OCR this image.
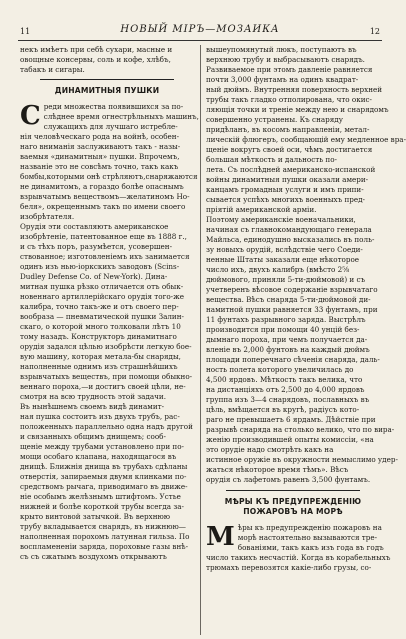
11	НОВЫЙ МІРЪ—МОЗАИКА	12
некъ имѣетъ при себѣ сухари, масные и
овощные консервы, соль и кофе, хлѣбъ,
табакъ и сигары.
ДИНАМИТНЫЯ ПУШКИ
С реди множества появившихся за по-
слѣднее время огнестрѣльныхъ машинъ,
служащихъ для лучшаго истребле-
нія человѣческаго рода на войнѣ, особен-
наго вниманія заслуживаютъ такъ - назы-
ваемыя «динамитныя» пушки. Впрочемъ,
названіе это не совсѣмъ точно, такъ какъ
бомбы,которыми онѣ стрѣляютъ,снаряжаются
не динамитомъ, а гораздо болѣе опаснымъ
взрывчатымъ веществомъ—желатиномъ Но-
беля», окрещеннымъ такъ по имени своего
изобрѣтателя.
Орудія эти составляютъ американское
изобрѣтеніе, патентованное еще въ 1888 г.,
и съ тѣхъ поръ, разумѣется, усовершен-
ствованное; изготовленіемъ ихъ занимается
одинъ изъ нью-іоркскихъ заводовъ (Scins-
Dudley Defense Co. of New-York). Дина-
митная пушка рѣзко отличается отъ обык-
новеннаго артиллерійскаго орудія того-же
калибра, точно такъ-же и отъ своего пер-
вообраза — пневматической пушки Залин-
скаго, о которой много толковали лѣтъ 10
тому назадъ. Конструкторъ динамитнаго
орудія задался цѣлью изобрѣсти легкую бое-
вую машину, которая метала-бы снаряды,
наполненные однимъ изъ страшнѣйшихъ
взрывчатыхъ веществъ, при помощи обыкно-
веннаго пороха,—и достигъ своей цѣли, не-
смотря на всю трудность этой задачи.
Въ нынѣшнемъ своемъ видѣ динамит-
ная пушка состоитъ изъ двухъ трубъ, рас-
положенныхъ параллельно одна надъ другой
и связанныхъ общимъ днищемъ; сооб-
щеніе между трубами установлено при по-
мощи особаго клапана, находящагося въ
днищѣ. Ближнія днища въ трубахъ сдѣланы
отверстія, запираемыя двумя клинками по-
средствомъ рычага, приводимаго въ движе-
ніе особымъ желѣзнымъ штифтомъ. Устье
нижней и болѣе короткой трубы всегда за-
крыто винтовой затычкой. Въ верхнюю
трубу вкладывается снарядъ, въ нижнюю—
наполненная порохомъ латунная гильза. По
воспламененіи заряда, пороховые газы внѣ-
съ съ сжатымъ воздухомъ открываютъ
вышеупомянутый люкъ, поступаютъ въ
верхнюю трубу и выбрасываютъ снарядъ.
Развиваемое при этомъ давленіе равняется
почти 3,000 фунтамъ на одинъ квадрат-
ный дюймъ. Внутренняя поверхность верхней
трубы такъ гладко отполирована, что окис-
ляющія точки и треніе между нею и снарядомъ
совершенно устранены. Къ снаряду
придѣланъ, въ косомъ направленіи, метал-
лическій флюгеръ, сообщающій ему медленное вра-
щеніе вокругъ своей оси, чѣмъ достигается
большая мѣткость и дальность по-
лета. Съ послѣдней американско-испанской
войны динамитныя пушки оказали амери-
канцамъ громадныя услуги и имъ припи-
сывается успѣхъ многихъ военныхъ пред-
пріятій американской арміи.
Поэтому американскіе военачальники,
начиная съ главнокомандующаго генерала
Майльса, единодушно высказались въ поль-
зу новыхъ орудій, вслѣдствіе чего Соеди-
ненные Штаты заказали еще нѣкоторое
число ихъ, двухъ калибръ (вмѣсто 2⅝
дюймового, приняли 5-ти-дюймовой) и съ
учетверенъ вѣсовое содержаніе взрывчатаго
вещества. Вѣсъ снаряда 5-ти-дюймовой ди-
намитной пушки равняется 33 фунтамъ, при
11 фунтахъ разрывного заряда. Выстрѣлъ
производится при помощи 40 унцій без-
дымнаго пороха, при чемъ получается да-
вленіе въ 2,000 фунтовъ на каждый дюймъ
площади поперечнаго сѣченія снаряда, даль-
ность полета которого увеличилась до
4,500 ярдовъ. Мѣткость такъ велика, что
на дистанціяхъ отъ 2,500 до 4,000 ярдовъ
группа изъ 3—4 снарядовъ, пославныхъ въ
цѣль, вмѣщается въ кругѣ, радіусъ кото-
раго не превышаетъ 6 ярдамъ. Дѣйствіе при
разрывѣ снаряда на столько велико, что по вира-
женію производившей опыты комиссіи, «на
это орудіе надо смотрѣть какъ на
истинное оружіе въ окружности немыслимо удер-
жаться нѣкоторое время тѣмъ». Вѣсъ
орудія съ лафетомъ равенъ 3,500 фунтамъ.
МѢРЫ КЪ ПРЕДУПРЕЖДЕНІЮ ПОЖАРОВЪ НА МОРѢ
М ѣры къ предупрежденію пожаровъ на
морѣ настоятельно вызываются тре-
бованіями, такъ какъ изъ года въ годъ
число такихъ несчастій. Когда въ корабельныхъ
трюмахъ перевозятся какіе-либо грузы, со-
